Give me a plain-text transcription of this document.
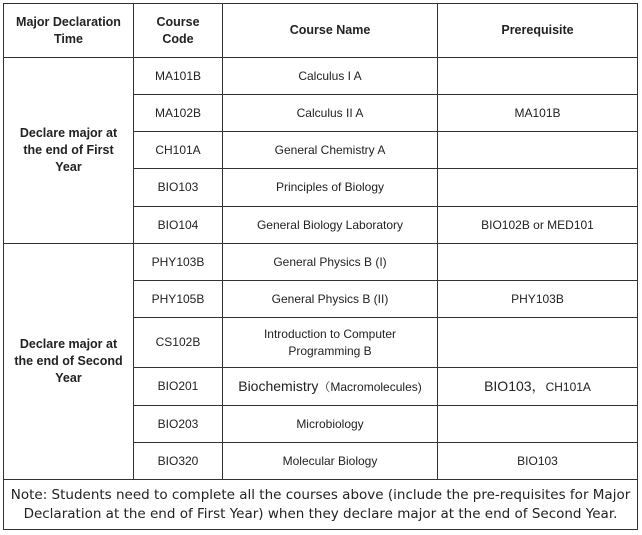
Major Declaration Time	Course Code	Course Name	Prerequisite
Declare major at the end of First Year	MA101B	Calculus I A	
	MA102B	Calculus II A	MA101B
	CH101A	General Chemistry A	
	BIO103	Principles of Biology	
	BIO104	General Biology Laboratory	BIO102B or MED101
Declare major at the end of Second Year	PHY103B	General Physics B (I)	
	PHY105B	General Physics B (II)	PHY103B
	CS102B	Introduction to Computer Programming B	
	BIO201	Biochemistry（Macromolecules)	BIO103，CH101A
	BIO203	Microbiology	
	BIO320	Molecular Biology	BIO103
Note: Students need to complete all the courses above (include the pre-requisites for Major Declaration at the end of First Year) when they declare major at the end of Second Year.			
